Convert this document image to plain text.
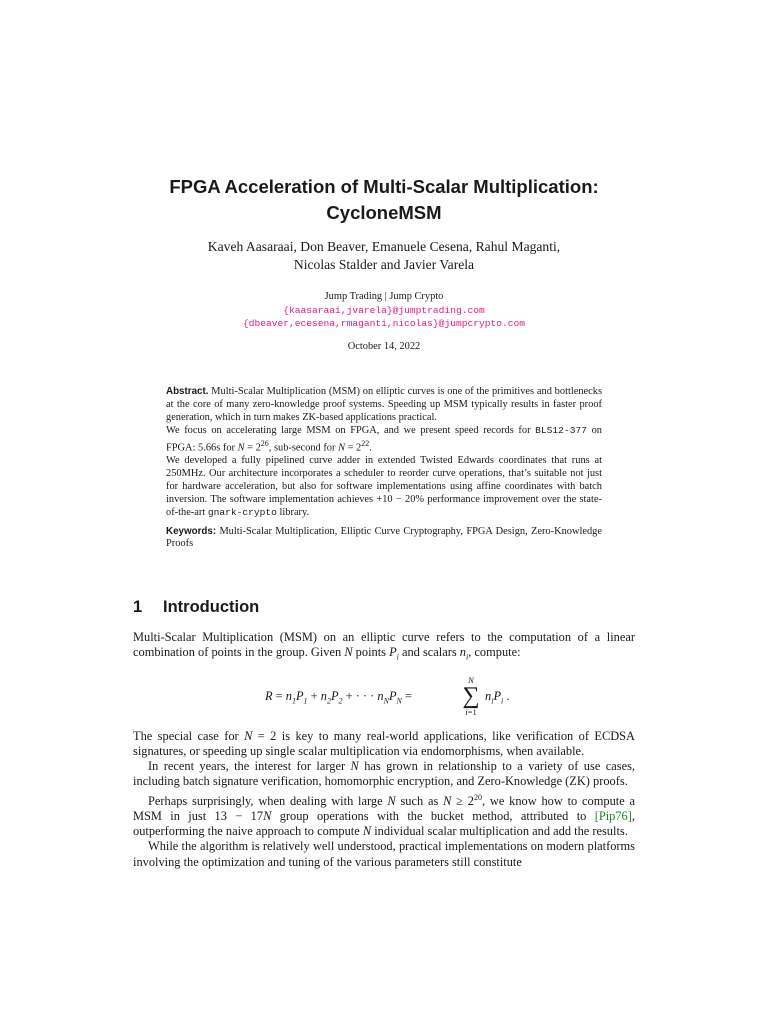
FPGA Acceleration of Multi-Scalar Multiplication:
CycloneMSM
Kaveh Aasaraai, Don Beaver, Emanuele Cesena, Rahul Maganti,
Nicolas Stalder and Javier Varela
Jump Trading | Jump Crypto
{kaasaraai,jvarela}@jumptrading.com
{dbeaver,ecesena,rmaganti,nicolas}@jumpcrypto.com
October 14, 2022

Abstract. Multi-Scalar Multiplication (MSM) on elliptic curves is one of the primitives and bottlenecks at the core of many zero-knowledge proof systems. Speeding up MSM typically results in faster proof generation, which in turn makes ZK-based applications practical.

We focus on accelerating large MSM on FPGA, and we present speed records for BLS12-377 on FPGA: 5.66s for $N = 2^{26}$, sub-second for $N = 2^{22}$.

We developed a fully pipelined curve adder in extended Twisted Edwards coordinates that runs at 250MHz. Our architecture incorporates a scheduler to reorder curve operations, that’s suitable not just for hardware acceleration, but also for software implementations using affine coordinates with batch inversion. The software implementation achieves +10 − 20% performance improvement over the state-of-the-art gnark-crypto library.

Keywords: Multi-Scalar Multiplication, Elliptic Curve Cryptography, FPGA Design, Zero-Knowledge Proofs

1 Introduction

Multi-Scalar Multiplication (MSM) on an elliptic curve refers to the computation of a linear combination of points in the group. Given N points $P_i$ and scalars $n_i$, compute:

$R = n_1P_1 + n_2P_2$ + · · · $n_NP_N$ =
N
∑
i=1
$n_iP_i$ .

The special case for N = 2 is key to many real-world applications, like verification of ECDSA signatures, or speeding up single scalar multiplication via endomorphisms, when available.

In recent years, the interest for larger N has grown in relationship to a variety of use cases, including batch signature verification, homomorphic encryption, and Zero-Knowledge (ZK) proofs.

Perhaps surprisingly, when dealing with large N such as $N \ge 2^{20}$, we know how to compute a MSM in just 13 − 17N group operations with the bucket method, attributed to [Pip76], outperforming the naive approach to compute N individual scalar multiplication and add the results.

While the algorithm is relatively well understood, practical implementations on modern platforms involving the optimization and tuning of the various parameters still constitute
